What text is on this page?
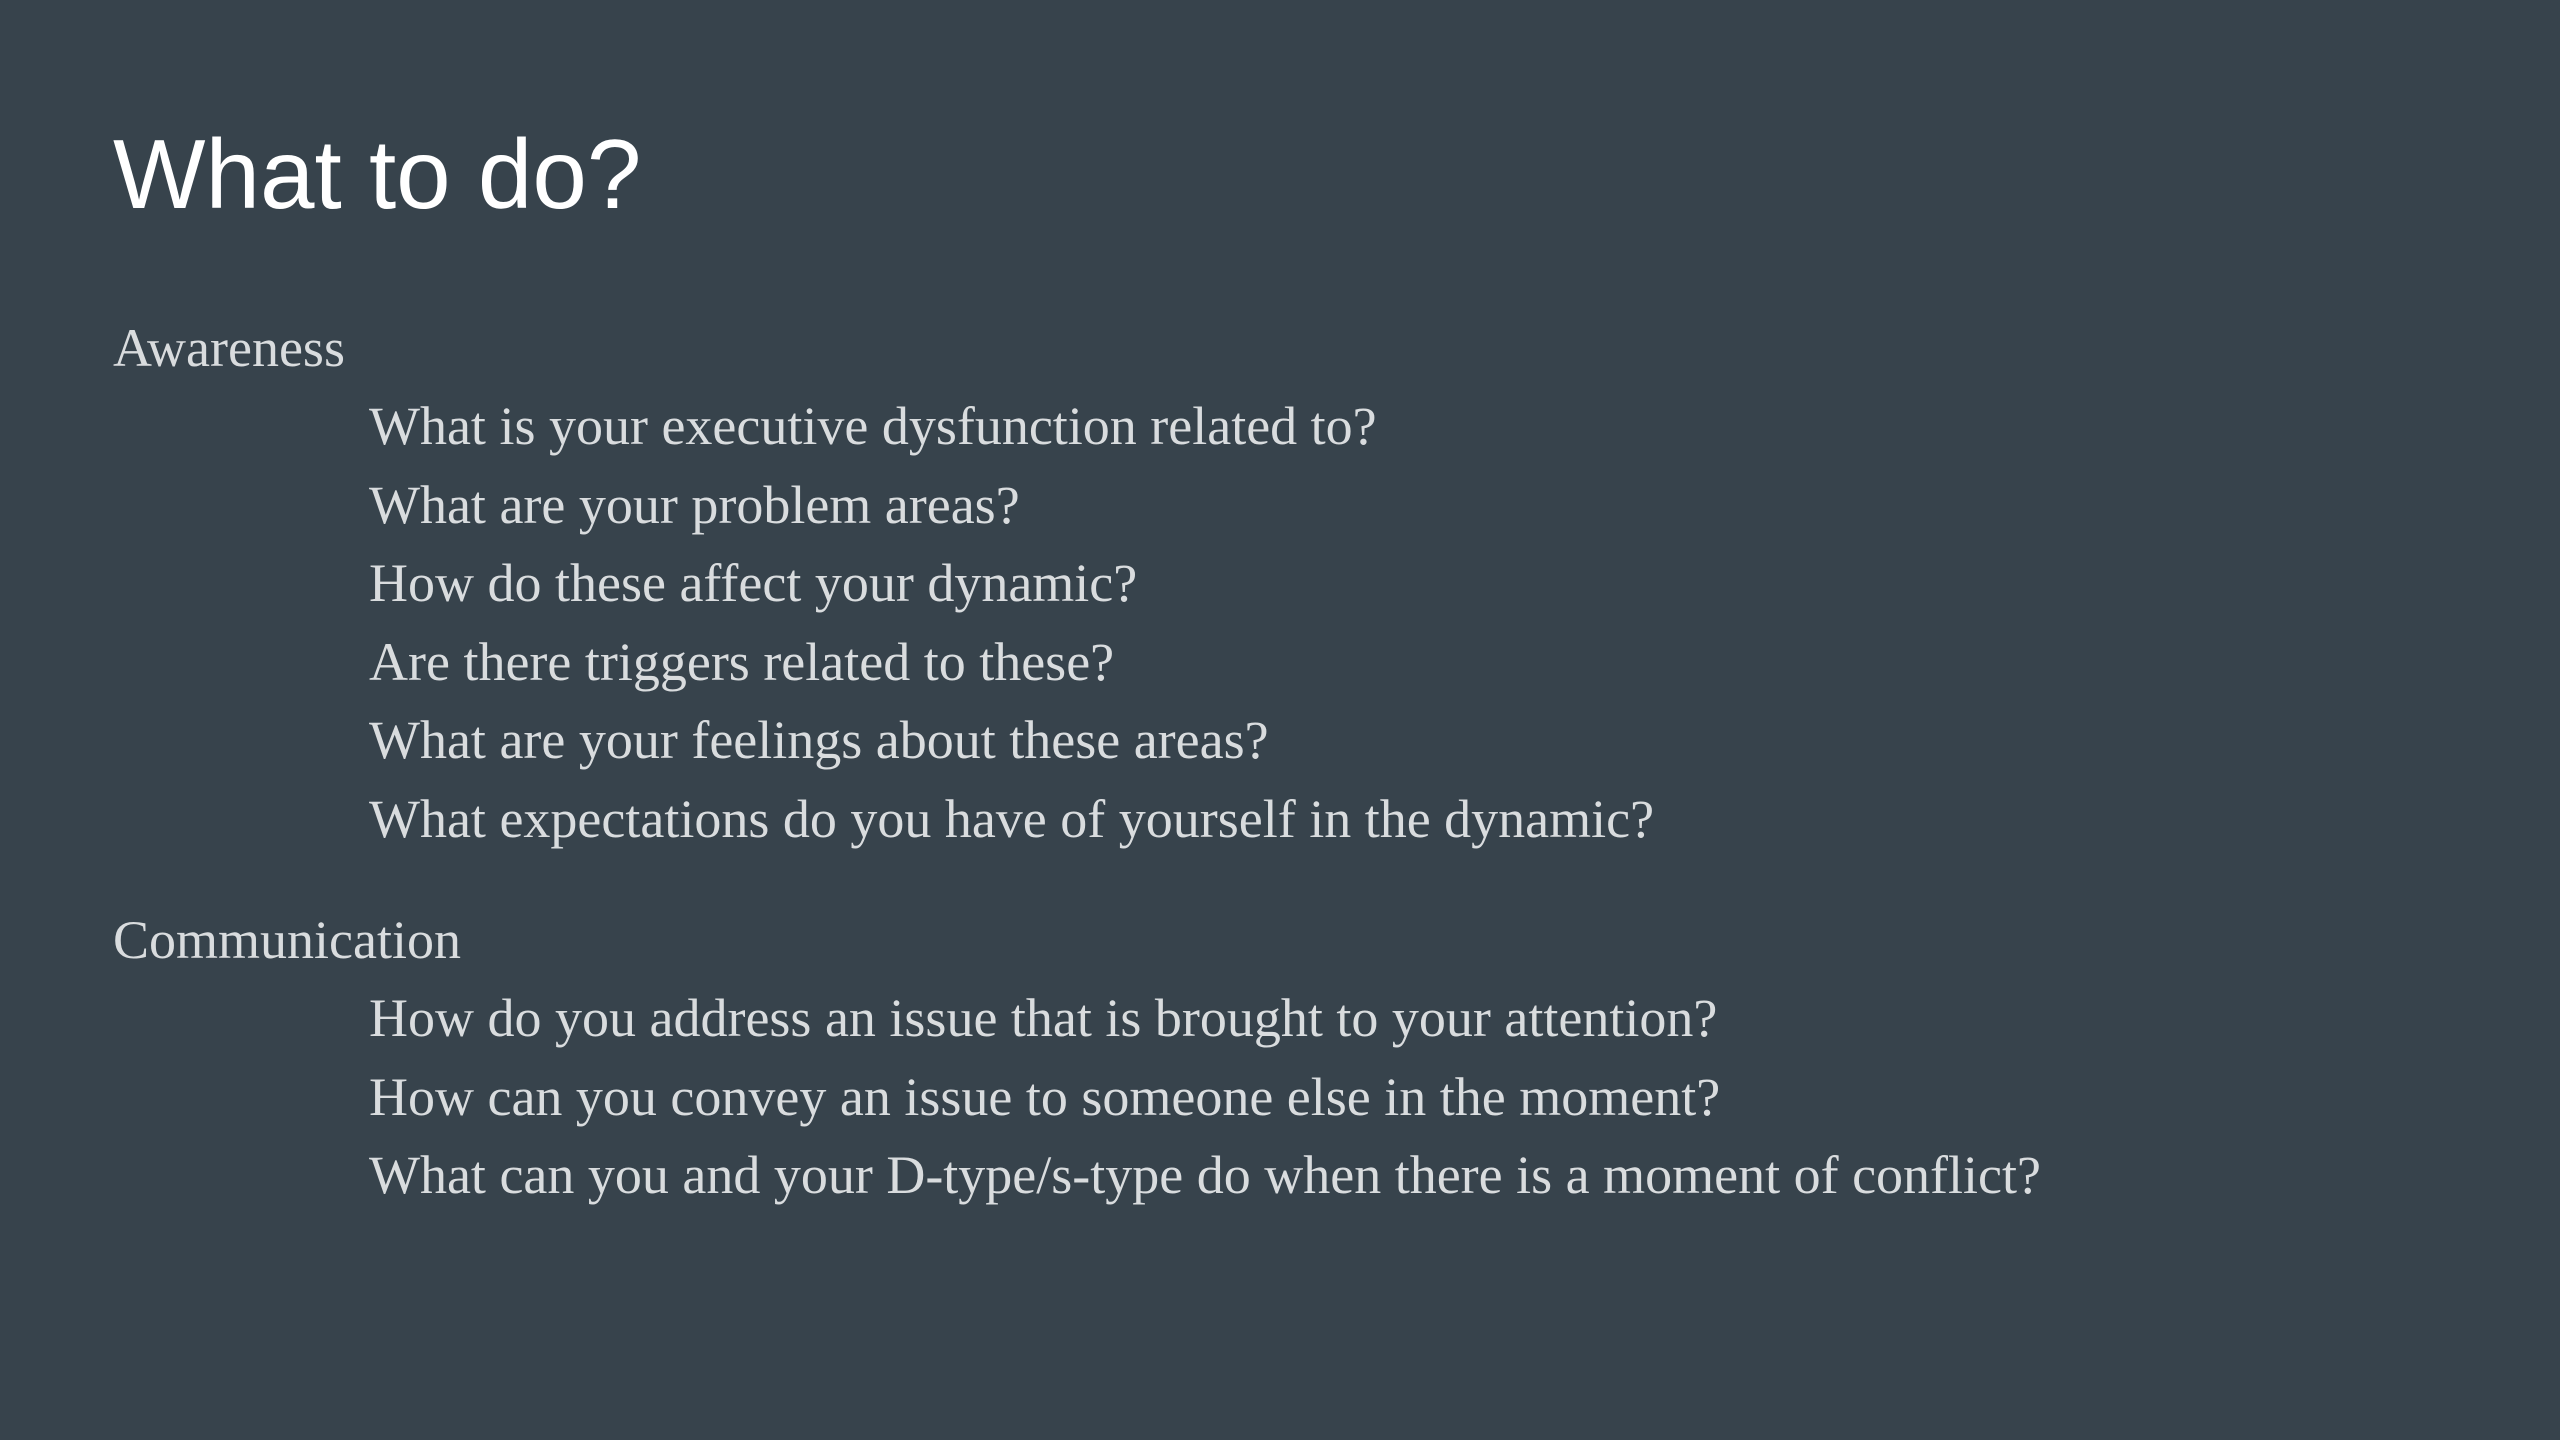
What to do?

Awareness

What is your executive dysfunction related to?
What are your problem areas?
How do these affect your dynamic?
Are there triggers related to these?
What are your feelings about these areas?
What expectations do you have of yourself in the dynamic?

Communication

How do you address an issue that is brought to your attention?
How can you convey an issue to someone else in the moment?
What can you and your D-type/s-type do when there is a moment of conflict?
